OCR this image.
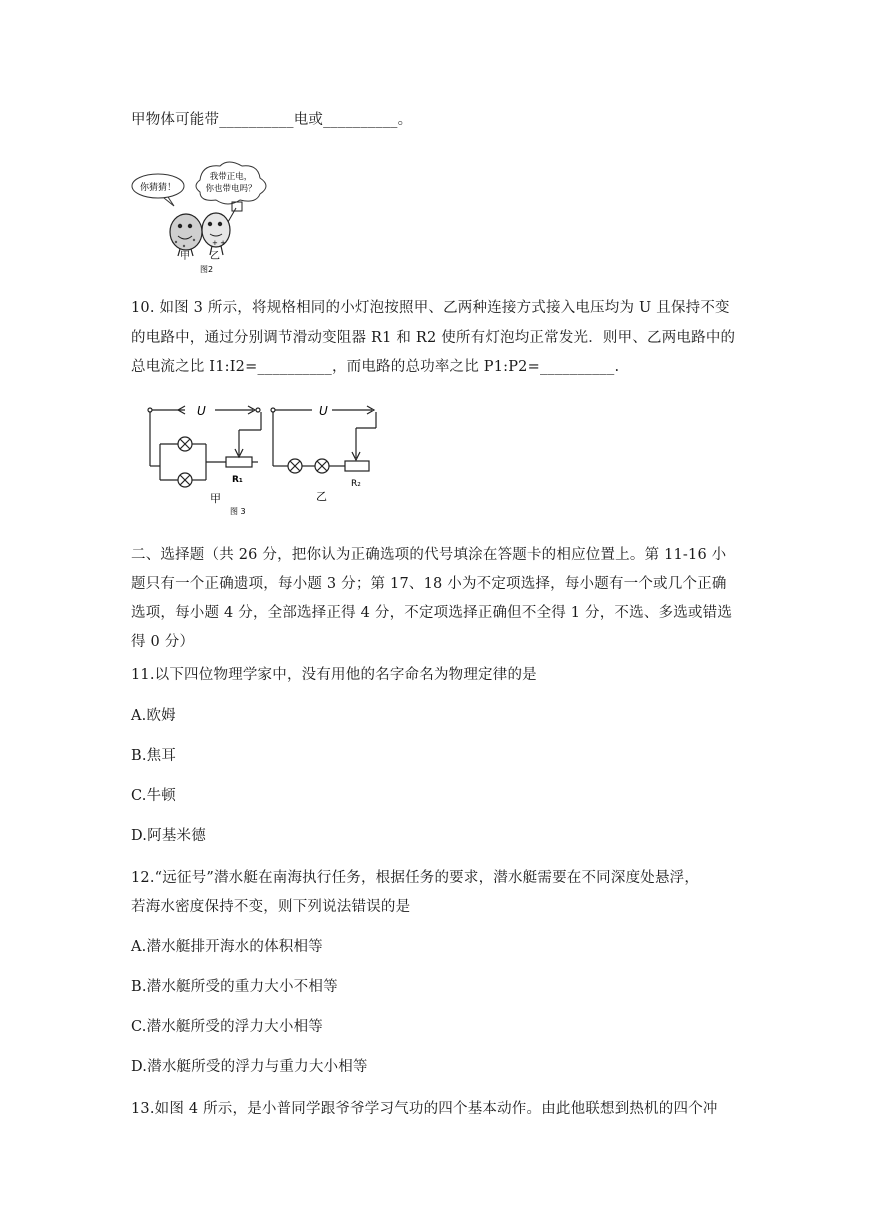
甲物体可能带__________电或__________。
你猜猜！
我带正电，
你也带电吗？
+ +
甲 乙
图2
10. 如图 3 所示，将规格相同的小灯泡按照甲、乙两种连接方式接入电压均为 U 且保持不变
的电路中，通过分别调节滑动变阻器 R1 和 R2 使所有灯泡均正常发光．则甲、乙两电路中的
总电流之比 I1:I2=__________，而电路的总功率之比 P1:P2=__________.
U	U
R₁	R₂
甲	乙
图 3
二、选择题（共 26 分，把你认为正确选项的代号填涂在答题卡的相应位置上。第 11-16 小
题只有一个正确遗项，每小题 3 分；第 17、18 小为不定项选择，每小题有一个或几个正确
选项，每小题 4 分，全部选择正得 4 分，不定项选择正确但不全得 1 分，不选、多选或错选
得 0 分）
11.以下四位物理学家中，没有用他的名字命名为物理定律的是
A.欧姆
B.焦耳
C.牛顿
D.阿基米德
12.“远征号”潜水艇在南海执行任务，根据任务的要求，潜水艇需要在不同深度处悬浮，
若海水密度保持不变，则下列说法错误的是
A.潜水艇排开海水的体积相等
B.潜水艇所受的重力大小不相等
C.潜水艇所受的浮力大小相等
D.潜水艇所受的浮力与重力大小相等
13.如图 4 所示，是小普同学跟爷爷学习气功的四个基本动作。由此他联想到热机的四个冲
